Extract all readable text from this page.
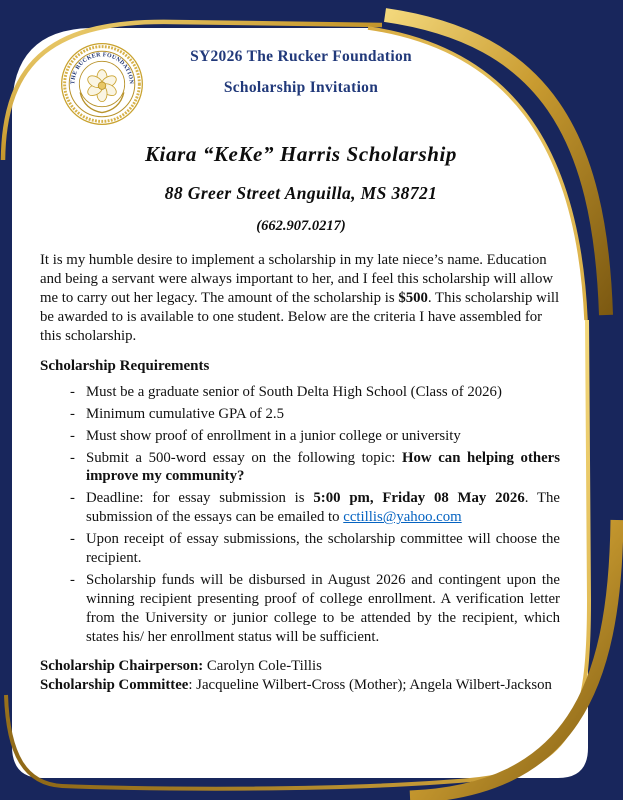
THE RUCKER FOUNDATION
SY2026 The Rucker Foundation
Scholarship Invitation
Kiara “KeKe” Harris Scholarship
88 Greer Street Anguilla, MS 38721
(662.907.0217)

It is my humble desire to implement a scholarship in my late niece’s name. Education and being a servant were always important to her, and I feel this scholarship will allow me to carry out her legacy. The amount of the scholarship is $500. This scholarship will be awarded to is available to one student. Below are the criteria I have assembled for this scholarship.

Scholarship Requirements
- Must be a graduate senior of South Delta High School (Class of 2026)
- Minimum cumulative GPA of 2.5
- Must show proof of enrollment in a junior college or university
- Submit a 500-word essay on the following topic: How can helping others improve my community?
- Deadline: for essay submission is 5:00 pm, Friday 08 May 2026. The submission of the essays can be emailed to cctillis@yahoo.com
- Upon receipt of essay submissions, the scholarship committee will choose the recipient.
- Scholarship funds will be disbursed in August 2026 and contingent upon the winning recipient presenting proof of college enrollment. A verification letter from the University or junior college to be attended by the recipient, which states his/ her enrollment status will be sufficient.
Scholarship Chairperson: Carolyn Cole-Tillis
Scholarship Committee: Jacqueline Wilbert-Cross (Mother); Angela Wilbert-Jackson
